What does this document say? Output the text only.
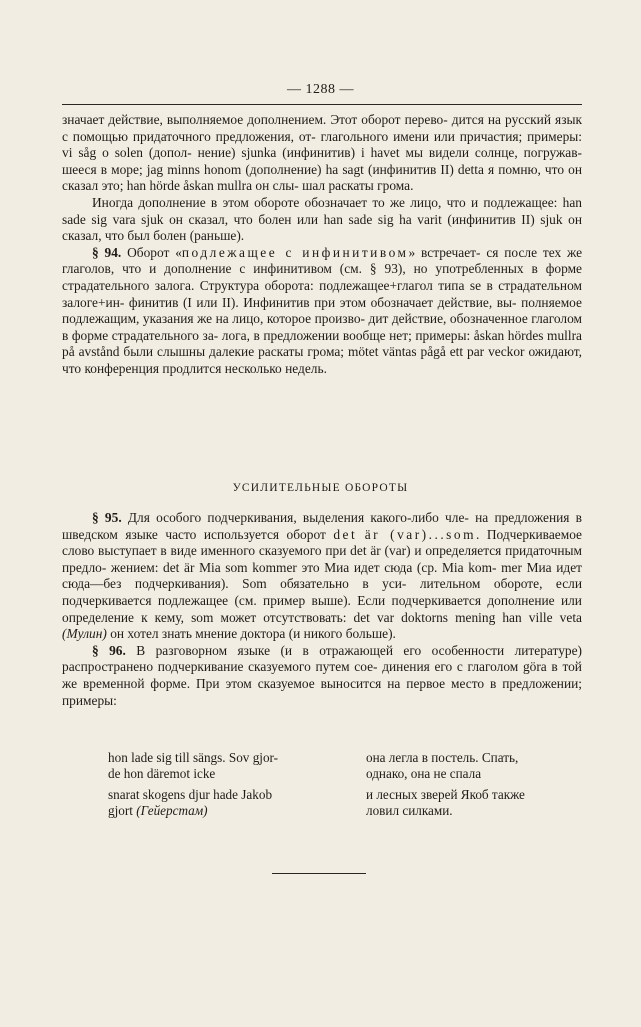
— 1288 —

значает действие, выполняемое дополнением. Этот оборот перево- дится на русский язык с помощью придаточного предложения, от- глагольного имени или причастия; примеры: vi såg o solen (допол- нение) sjunka (инфинитив) i havet мы видели солнце, погружав- шееся в море; jag minns honom (дополнение) ha sagt (инфинитив II) detta я помню, что он сказал это; han hörde åskan mullra он слы- шал раскаты грома.

Иногда дополнение в этом обороте обозначает то же лицо, что и подлежащее: han sade sig vara sjuk он сказал, что болен или han sade sig ha varit (инфинитив II) sjuk он сказал, что был болен (раньше).

§ 94. Оборот «подлежащее с инфинитивом» встречает- ся после тех же глаголов, что и дополнение с инфинитивом (см. § 93), но употребленных в форме страдательного залога. Структура оборота: подлежащее+глагол типа se в страдательном залоге+ин- финитив (I или II). Инфинитив при этом обозначает действие, вы- полняемое подлежащим, указания же на лицо, которое произво- дит действие, обозначенное глаголом в форме страдательного за- лога, в предложении вообще нет; примеры: åskan hördes mullra på avstånd были слышны далекие раскаты грома; mötet väntas pågå ett par veckor ожидают, что конференция продлится несколько недель.

УСИЛИТЕЛЬНЫЕ ОБОРОТЫ

§ 95. Для особого подчеркивания, выделения какого-либо чле- на предложения в шведском языке часто используется оборот det är (var)...som. Подчеркиваемое слово выступает в виде именного сказуемого при det är (var) и определяется придаточным предло- жением: det är Mia som kommer это Миа идет сюда (ср. Mia kom- mer Миа идет сюда—без подчеркивания). Som обязательно в уси- лительном обороте, если подчеркивается подлежащее (см. пример выше). Если подчеркивается дополнение или определение к кему, som может отсутствовать: det var doktorns mening han ville veta (Мулин) он хотел знать мнение доктора (и никого больше).

§ 96. В разговорном языке (и в отражающей его особенности литературе) распространено подчеркивание сказуемого путем сое- динения его с глаголом göra в той же временной форме. При этом сказуемое выносится на первое место в предложении; примеры:

hon lade sig till sängs. Sov gjor-
de hon däremot icke
она легла в постель. Спать,
однако, она не спала
snarat skogens djur hade Jakob
gjort (Гейерстам)
и лесных зверей Якоб также
ловил силками.
